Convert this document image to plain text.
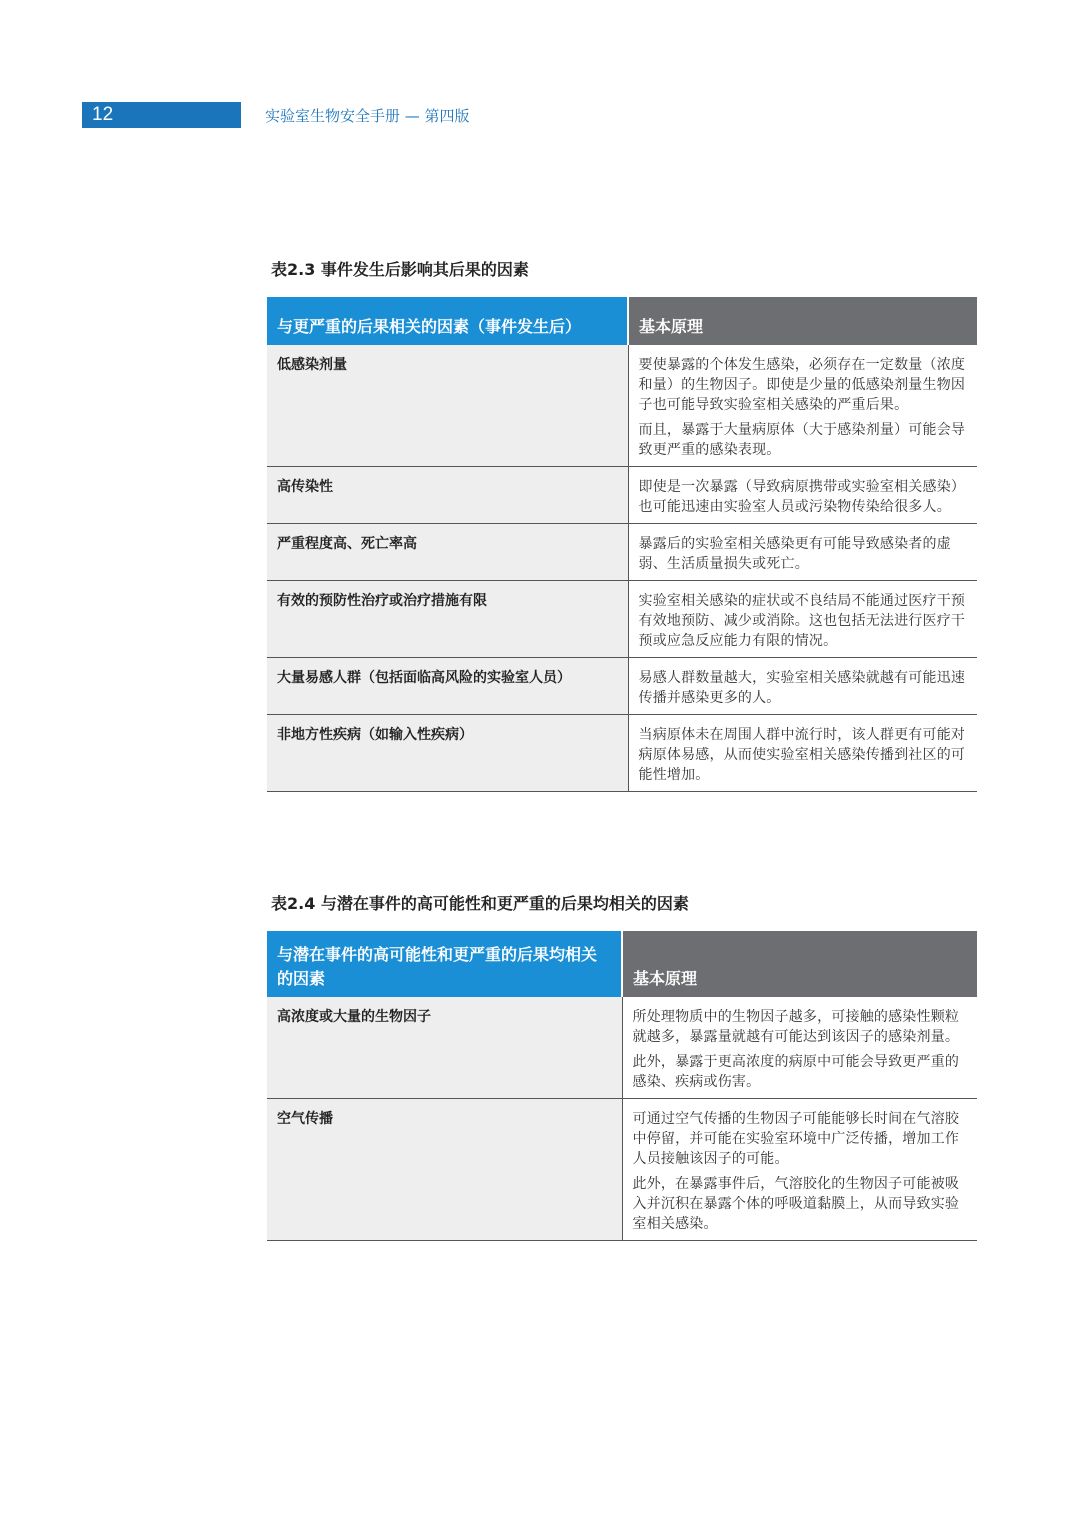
12	实验室生物安全手册 — 第四版
表2.3 事件发生后影响其后果的因素
与更严重的后果相关的因素（事件发生后）	基本原理
低感染剂量	要使暴露的个体发生感染，必须存在一定数量（浓度和量）的生物因子。即使是少量的低感染剂量生物因子也可能导致实验室相关感染的严重后果。
而且，暴露于大量病原体（大于感染剂量）可能会导致更严重的感染表现。

高传染性	即使是一次暴露（导致病原携带或实验室相关感染）也可能迅速由实验室人员或污染物传染给很多人。

严重程度高、死亡率高	暴露后的实验室相关感染更有可能导致感染者的虚弱、生活质量损失或死亡。

有效的预防性治疗或治疗措施有限	实验室相关感染的症状或不良结局不能通过医疗干预有效地预防、减少或消除。这也包括无法进行医疗干预或应急反应能力有限的情况。

大量易感人群（包括面临高风险的实验室人员）	易感人群数量越大，实验室相关感染就越有可能迅速传播并感染更多的人。

非地方性疾病（如输入性疾病）	当病原体未在周围人群中流行时，该人群更有可能对病原体易感，从而使实验室相关感染传播到社区的可能性增加。
表2.4 与潜在事件的高可能性和更严重的后果均相关的因素
与潜在事件的高可能性和更严重的后果均相关的因素	基本原理
高浓度或大量的生物因子	所处理物质中的生物因子越多，可接触的感染性颗粒就越多，暴露量就越有可能达到该因子的感染剂量。
此外，暴露于更高浓度的病原中可能会导致更严重的感染、疾病或伤害。

空气传播	可通过空气传播的生物因子可能能够长时间在气溶胶中停留，并可能在实验室环境中广泛传播，增加工作人员接触该因子的可能。
此外，在暴露事件后，气溶胶化的生物因子可能被吸入并沉积在暴露个体的呼吸道黏膜上，从而导致实验室相关感染。
